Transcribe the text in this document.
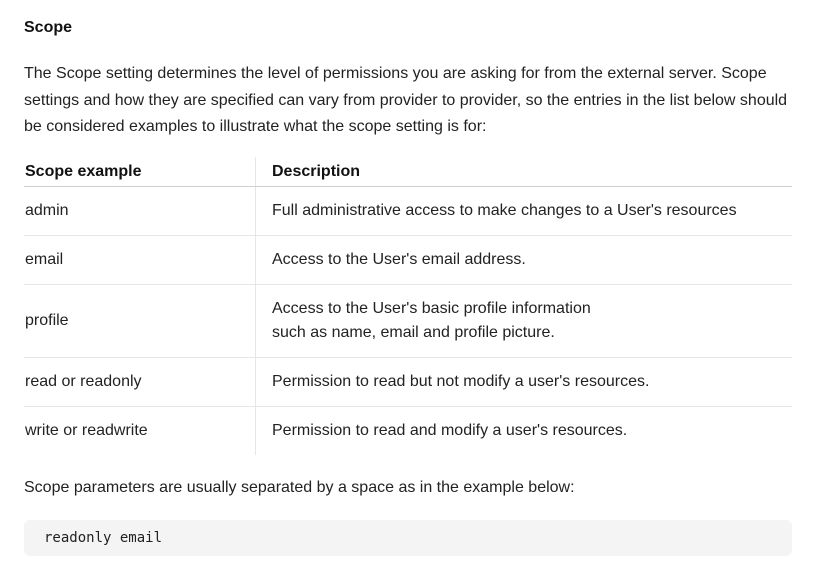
Scope
The Scope setting determines the level of permissions you are asking for from the external server. Scope settings and how they are specified can vary from provider to provider, so the entries in the list below should be considered examples to illustrate what the scope setting is for:
Scope example	Description
admin	Full administrative access to make changes to a User's resources

email	Access to the User's email address.

profile	Access to the User's basic profile information
such as name, email and profile picture.

read or readonly	Permission to read but not modify a user's resources.

write or readwrite	Permission to read and modify a user's resources.
Scope parameters are usually separated by a space as in the example below:
readonly email
